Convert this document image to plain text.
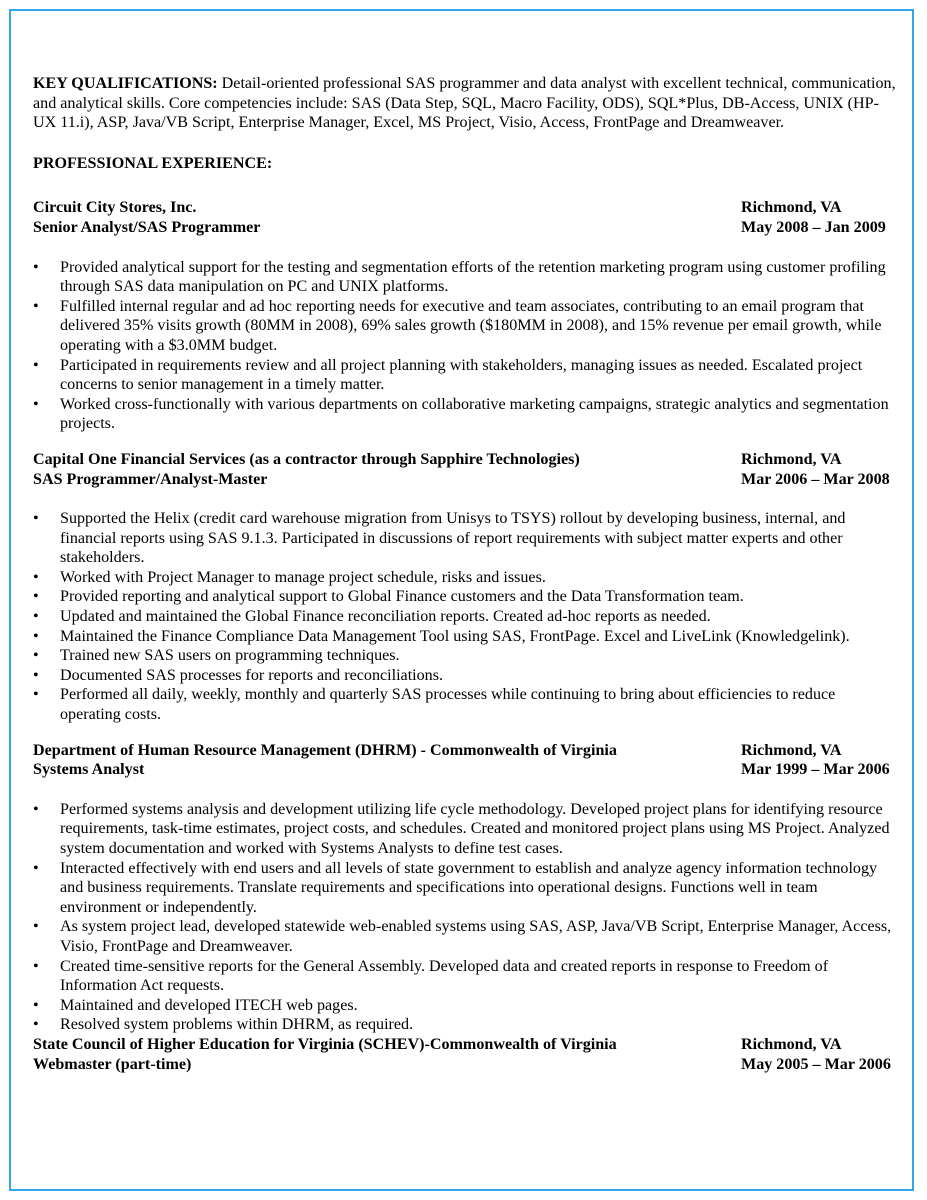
KEY QUALIFICATIONS: Detail-oriented professional SAS programmer and data analyst with excellent technical, communication, and analytical skills. Core competencies include: SAS (Data Step, SQL, Macro Facility, ODS), SQL*Plus, DB-Access, UNIX (HP-UX 11.i), ASP, Java/VB Script, Enterprise Manager, Excel, MS Project, Visio, Access, FrontPage and Dreamweaver.

PROFESSIONAL EXPERIENCE:
Circuit City Stores, Inc.	Richmond, VA
Senior Analyst/SAS Programmer	May 2008 – Jan 2009
• Provided analytical support for the testing and segmentation efforts of the retention marketing program using customer profiling through SAS data manipulation on PC and UNIX platforms.
• Fulfilled internal regular and ad hoc reporting needs for executive and team associates, contributing to an email program that delivered 35% visits growth (80MM in 2008), 69% sales growth ($180MM in 2008), and 15% revenue per email growth, while operating with a $3.0MM budget.
• Participated in requirements review and all project planning with stakeholders, managing issues as needed. Escalated project concerns to senior management in a timely matter.
• Worked cross-functionally with various departments on collaborative marketing campaigns, strategic analytics and segmentation projects.
Capital One Financial Services (as a contractor through Sapphire Technologies)	Richmond, VA
SAS Programmer/Analyst-Master	Mar 2006 – Mar 2008
• Supported the Helix (credit card warehouse migration from Unisys to TSYS) rollout by developing business, internal, and financial reports using SAS 9.1.3. Participated in discussions of report requirements with subject matter experts and other stakeholders.
• Worked with Project Manager to manage project schedule, risks and issues.
• Provided reporting and analytical support to Global Finance customers and the Data Transformation team.
• Updated and maintained the Global Finance reconciliation reports. Created ad-hoc reports as needed.
• Maintained the Finance Compliance Data Management Tool using SAS, FrontPage. Excel and LiveLink (Knowledgelink).
• Trained new SAS users on programming techniques.
• Documented SAS processes for reports and reconciliations.
• Performed all daily, weekly, monthly and quarterly SAS processes while continuing to bring about efficiencies to reduce operating costs.
Department of Human Resource Management (DHRM) - Commonwealth of Virginia	Richmond, VA
Systems Analyst	Mar 1999 – Mar 2006
• Performed systems analysis and development utilizing life cycle methodology. Developed project plans for identifying resource requirements, task-time estimates, project costs, and schedules. Created and monitored project plans using MS Project. Analyzed system documentation and worked with Systems Analysts to define test cases.
• Interacted effectively with end users and all levels of state government to establish and analyze agency information technology and business requirements. Translate requirements and specifications into operational designs. Functions well in team environment or independently.
• As system project lead, developed statewide web-enabled systems using SAS, ASP, Java/VB Script, Enterprise Manager, Access, Visio, FrontPage and Dreamweaver.
• Created time-sensitive reports for the General Assembly. Developed data and created reports in response to Freedom of Information Act requests.
• Maintained and developed ITECH web pages.
• Resolved system problems within DHRM, as required.
State Council of Higher Education for Virginia (SCHEV)-Commonwealth of Virginia	Richmond, VA
Webmaster (part-time)	May 2005 – Mar 2006
